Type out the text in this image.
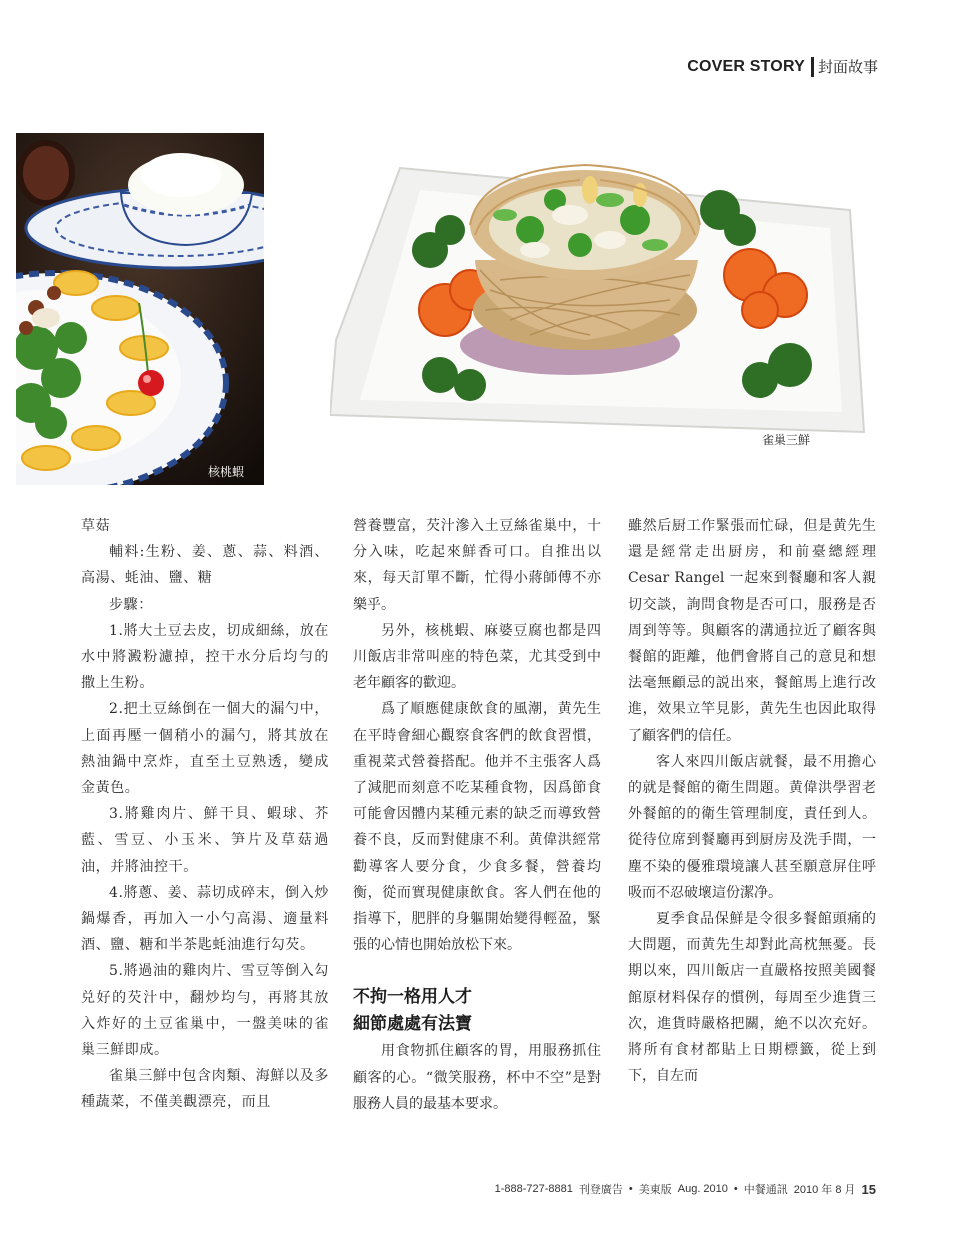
COVER STORY 封面故事
核桃蝦
雀巢三鮮

草菇

輔料:生粉、姜、蔥、蒜、料酒、高湯、蚝油、鹽、糖

步驟：

1.將大土豆去皮，切成細絲，放在水中將澱粉濾掉，控干水分后均勻的撒上生粉。

2.把土豆絲倒在一個大的漏勺中，上面再壓一個稍小的漏勺，將其放在熱油鍋中烹炸，直至土豆熟透，變成金黃色。

3.將雞肉片、鮮干貝、蝦球、芥藍、雪豆、小玉米、笋片及草菇過油，并將油控干。

4.將蔥、姜、蒜切成碎末，倒入炒鍋爆香，再加入一小勺高湯、適量料酒、鹽、糖和半茶匙蚝油進行勾芡。

5.將過油的雞肉片、雪豆等倒入勾兑好的芡汁中，翻炒均勻，再將其放入炸好的土豆雀巢中，一盤美味的雀巢三鮮即成。

雀巢三鮮中包含肉類、海鮮以及多種蔬菜，不僅美觀漂亮，而且

營養豐富，芡汁滲入土豆絲雀巢中，十分入味，吃起來鮮香可口。自推出以來，每天訂單不斷，忙得小蔣師傅不亦樂乎。

另外，核桃蝦、麻婆豆腐也都是四川飯店非常叫座的特色菜，尤其受到中老年顧客的歡迎。

爲了順應健康飲食的風潮，黄先生在平時會細心觀察食客們的飲食習慣，重視菜式營養搭配。他并不主張客人爲了減肥而刻意不吃某種食物，因爲節食可能會因體内某種元素的缺乏而導致營養不良，反而對健康不利。黄偉洪經常勸導客人要分食，少食多餐，營養均衡，從而實現健康飲食。客人們在他的指導下，肥胖的身軀開始變得輕盈，緊張的心情也開始放松下來。

不拘一格用人才

細節處處有法寶

用食物抓住顧客的胃，用服務抓住顧客的心。“微笑服務，杯中不空”是對服務人員的最基本要求。

雖然后厨工作緊張而忙碌，但是黄先生還是經常走出厨房，和前臺總經理 Cesar Rangel 一起來到餐廳和客人親切交談，詢問食物是否可口，服務是否周到等等。與顧客的溝通拉近了顧客與餐館的距離，他們會將自己的意見和想法毫無顧忌的説出來，餐館馬上進行改進，效果立竿見影，黄先生也因此取得了顧客們的信任。

客人來四川飯店就餐，最不用擔心的就是餐館的衛生問題。黄偉洪學習老外餐館的的衛生管理制度，責任到人。從待位席到餐廳再到厨房及洗手間，一塵不染的優雅環境讓人甚至願意屏住呼吸而不忍破壞這份潔净。

夏季食品保鮮是令很多餐館頭痛的大問題，而黄先生却對此高枕無憂。長期以來，四川飯店一直嚴格按照美國餐館原材料保存的慣例，每周至少進貨三次，進貨時嚴格把關，絶不以次充好。將所有食材都貼上日期標籤，從上到下，自左而

1-888-727-8881 刊登廣告 • 美東版 Aug. 2010 • 中餐通訊 2010 年 8 月 15
